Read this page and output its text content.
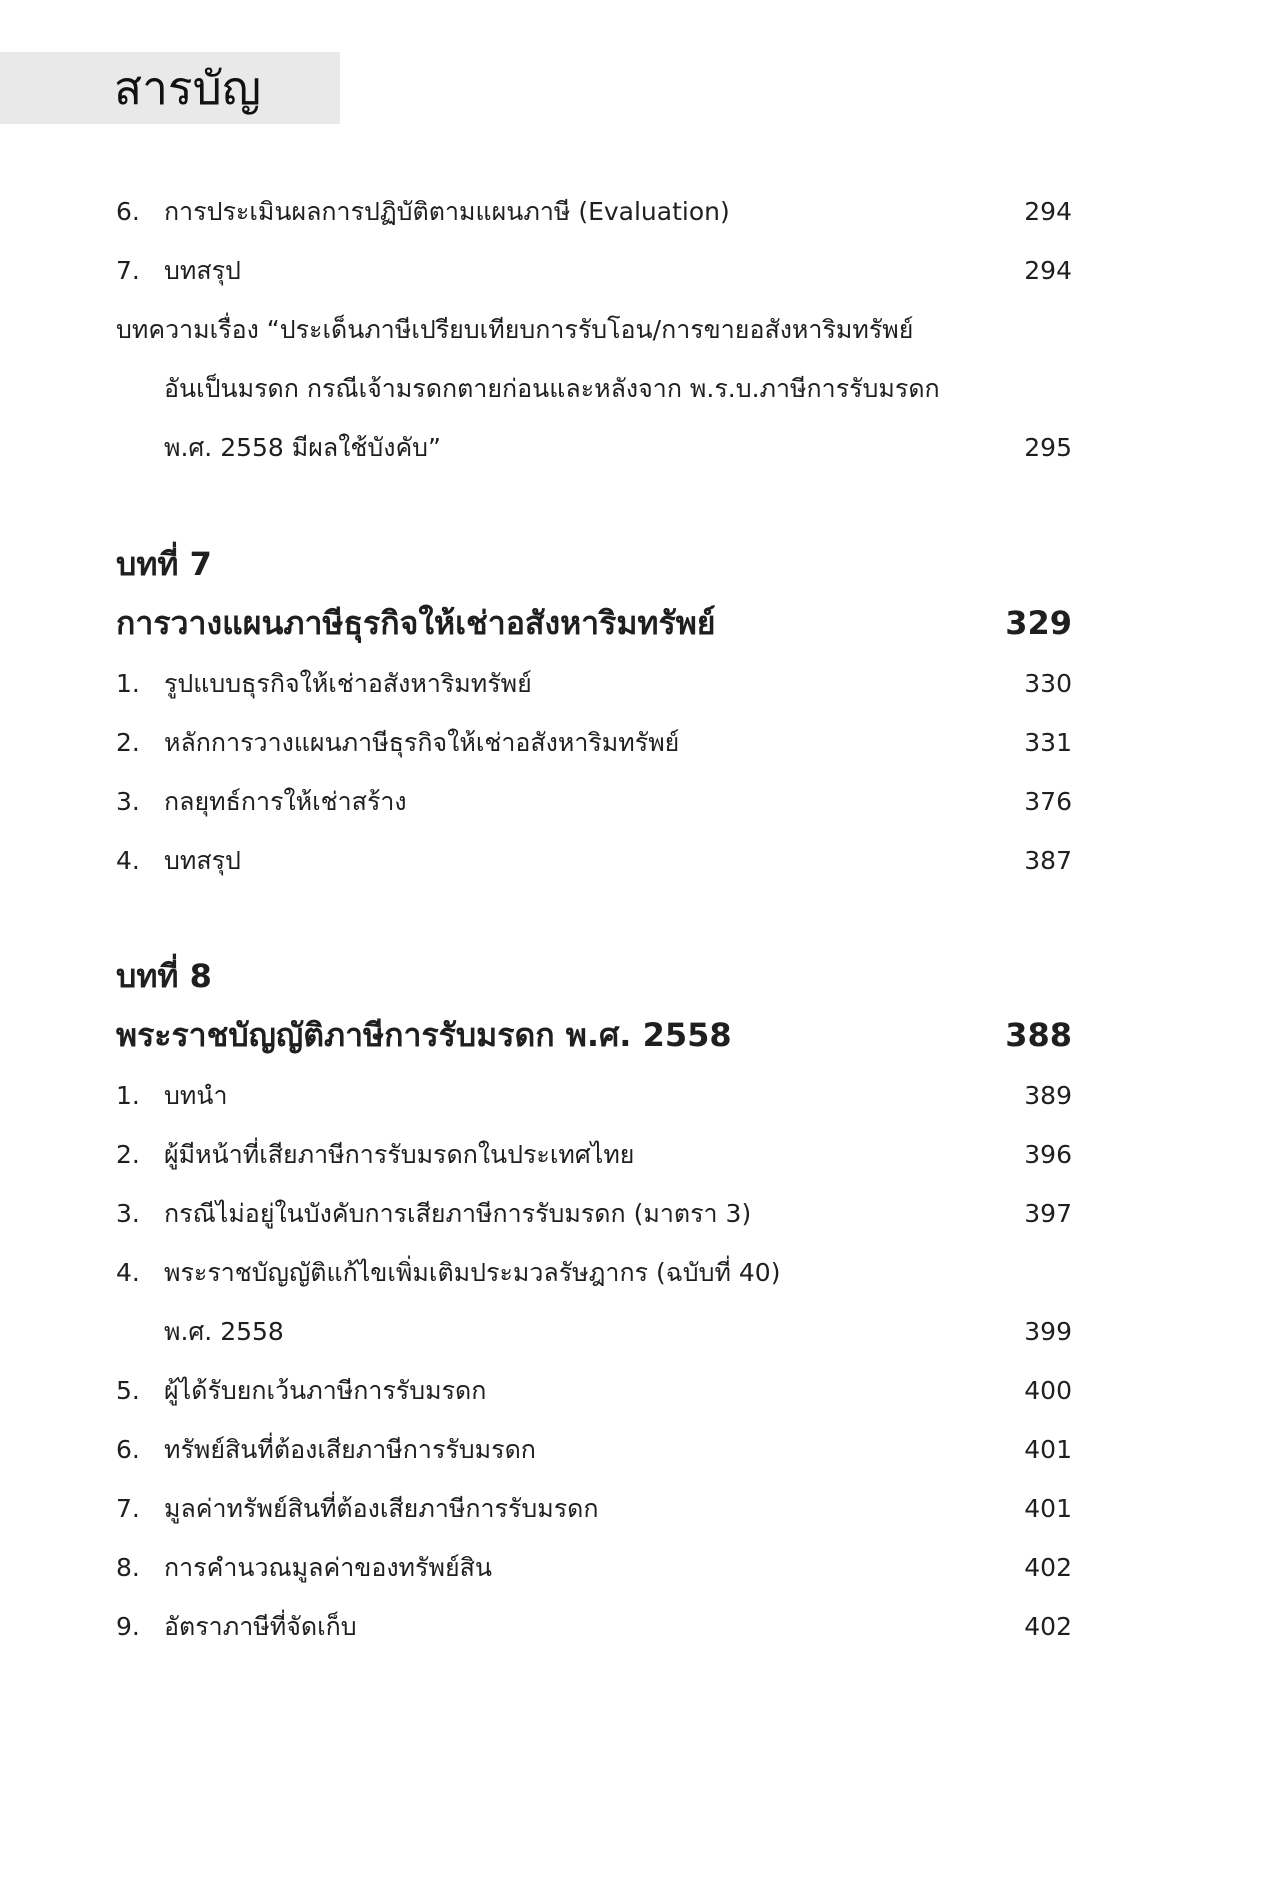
สารบัญ
6. การประเมินผลการปฏิบัติตามแผนภาษี (Evaluation)	294
7. บทสรุป	294
บทความเรื่อง “ประเด็นภาษีเปรียบเทียบการรับโอน/การขายอสังหาริมทรัพย์
อันเป็นมรดก กรณีเจ้ามรดกตายก่อนและหลังจาก พ.ร.บ.ภาษีการรับมรดก
พ.ศ. 2558 มีผลใช้บังคับ”	295
บทที่ 7
การวางแผนภาษีธุรกิจให้เช่าอสังหาริมทรัพย์	329
1. รูปแบบธุรกิจให้เช่าอสังหาริมทรัพย์	330
2. หลักการวางแผนภาษีธุรกิจให้เช่าอสังหาริมทรัพย์	331
3. กลยุทธ์การให้เช่าสร้าง	376
4. บทสรุป	387
บทที่ 8
พระราชบัญญัติภาษีการรับมรดก พ.ศ. 2558	388
1. บทนำ	389
2. ผู้มีหน้าที่เสียภาษีการรับมรดกในประเทศไทย	396
3. กรณีไม่อยู่ในบังคับการเสียภาษีการรับมรดก (มาตรา 3)	397
4. พระราชบัญญัติแก้ไขเพิ่มเติมประมวลรัษฎากร (ฉบับที่ 40)
พ.ศ. 2558	399
5. ผู้ได้รับยกเว้นภาษีการรับมรดก	400
6. ทรัพย์สินที่ต้องเสียภาษีการรับมรดก	401
7. มูลค่าทรัพย์สินที่ต้องเสียภาษีการรับมรดก	401
8. การคำนวณมูลค่าของทรัพย์สิน	402
9. อัตราภาษีที่จัดเก็บ	402
